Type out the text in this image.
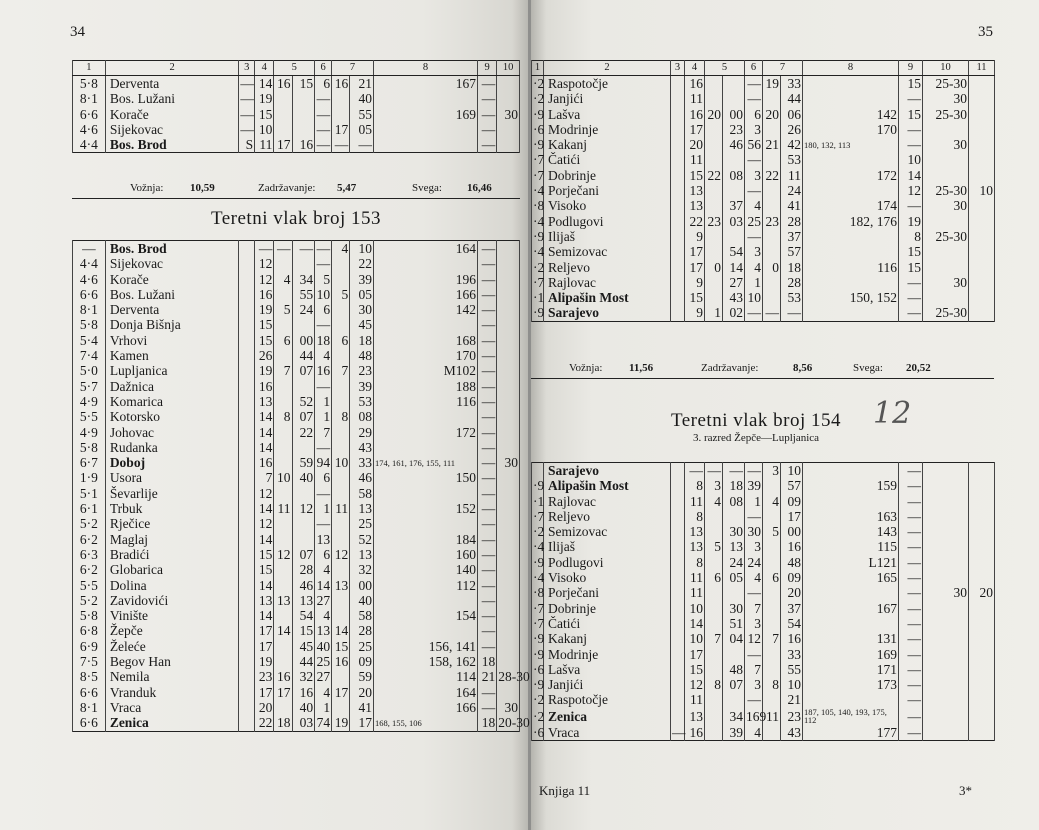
34
1	2	3	4	5		6	7		8	9	10
5·8	Derventa	—	14	16	15	6	16	21	167	—	
8·1	Bos. Lužani	—	19			—		40		—	
6·6	Korače	—	15			—		55	169	—	30
4·6	Sijekovac	—	10			—	17	05		—	
4·4	Bos. Brod	S	11	17	16	—	—	—		—	
Vožnja: 10,59	Zadržavanje: 5,47	Svega: 16,46
Teretni vlak broj 153
—	Bos. Brod		—	—	—	—	4	10	164	—	
4·4	Sijekovac		12			—		22		—	
4·6	Korače		12	4	34	5		39	196	—	
6·6	Bos. Lužani		16		55	10	5	05	166	—	
8·1	Derventa		19	5	24	6		30	142	—	
5·8	Donja Bišnja		15			—		45		—	
5·4	Vrhovi		15	6	00	18	6	18	168	—	
7·4	Kamen		26		44	4		48	170	—	
5·0	Lupljanica		19	7	07	16	7	23	M102	—	
5·7	Dažnica		16			—		39	188	—	
4·9	Komarica		13		52	1		53	116	—	
5·5	Kotorsko		14	8	07	1	8	08		—	
4·9	Johovac		14		22	7		29	172	—	
5·8	Rudanka		14			—		43		—	
6·7	Doboj		16		59	94	10	33	174, 161, 176, 155, 111	—	30
1·9	Usora		7	10	40	6		46	150	—	
5·1	Ševarlije		12			—		58		—	
6·1	Trbuk		14	11	12	1	11	13	152	—	
5·2	Rječice		12			—		25		—	
6·2	Maglaj		14			13		52	184	—	
6·3	Bradići		15	12	07	6	12	13	160	—	
6·2	Globarica		15		28	4		32	140	—	
5·5	Dolina		14		46	14	13	00	112	—	
5·2	Zavidovići		13	13	13	27		40		—	
5·8	Vinište		14		54	4		58	154	—	
6·8	Žepče		17	14	15	13	14	28		—	
6·9	Želeće		17		45	40	15	25	156, 141	—	
7·5	Begov Han		19		44	25	16	09	158, 162	18	
8·5	Nemila		23	16	32	27		59	114	21	28-30
6·6	Vranduk		17	17	16	4	17	20	164	—	
8·1	Vraca		20		40	1		41	166	—	30
6·6	Zenica		22	18	03	74	19	17	168, 155, 106	18	20-30
35
1	2	3	4	5		6	7		8	9	10	11
·2	Raspotočje		16			—	19	33		15	25-30	
·2	Janjići		11			—		44		—	30	
·9	Lašva		16	20	00	6	20	06	142	15	25-30	
·6	Modrinje		17		23	3		26	170	—		
·9	Kakanj		20		46	56	21	42	180, 132, 113	—	30	
·7	Čatići		11			—		53		10		
·7	Dobrinje		15	22	08	3	22	11	172	14		
·4	Porječani		13			—		24		12	25-30	10
·8	Visoko		13		37	4		41	174	—	30	
·4	Podlugovi		22	23	03	25	23	28	182, 176	19		
·9	Ilijaš		9			—		37		8	25-30	
·4	Semizovac		17		54	3		57		15		
·2	Reljevo		17	0	14	4	0	18	116	15		
·7	Rajlovac		9		27	1		28		—	30	
·1	Alipašin Most		15		43	10		53	150, 152	—		
·9	Sarajevo		9	1	02	—	—	—		—	25-30	
Vožnja: 11,56	Zadržavanje:	8,56	Svega: 20,52
Teretni vlak broj 154
3. razred Žepče—Lupljanica
12
	Sarajevo		—	—	—	—	3	10		—		
·9	Alipašin Most		8	3	18	39		57	159	—		
·1	Rajlovac		11	4	08	1	4	09		—		
·7	Reljevo		8			—		17	163	—		
·2	Semizovac		13		30	30	5	00	143	—		
·4	Ilijaš		13	5	13	3		16	115	—		
·9	Podlugovi		8		24	24		48	L121	—		
·4	Visoko		11	6	05	4	6	09	165	—		
·8	Porječani		11			—		20		—	30	20
·7	Dobrinje		10		30	7		37	167	—		
·7	Čatići		14		51	3		54		—		
·9	Kakanj		10	7	04	12	7	16	131	—		
·9	Modrinje		17			—		33	169	—		
·6	Lašva		15		48	7		55	171	—		
·9	Janjići		12	8	07	3	8	10	173	—		
·2	Raspotočje		11			—		21		—		
·2	Zenica		13		34	169	11	23	187, 105, 140, 193, 175, 112	—		
·6	Vraca	—	16		39	4		43	177	—		
Knjiga 11	3*
